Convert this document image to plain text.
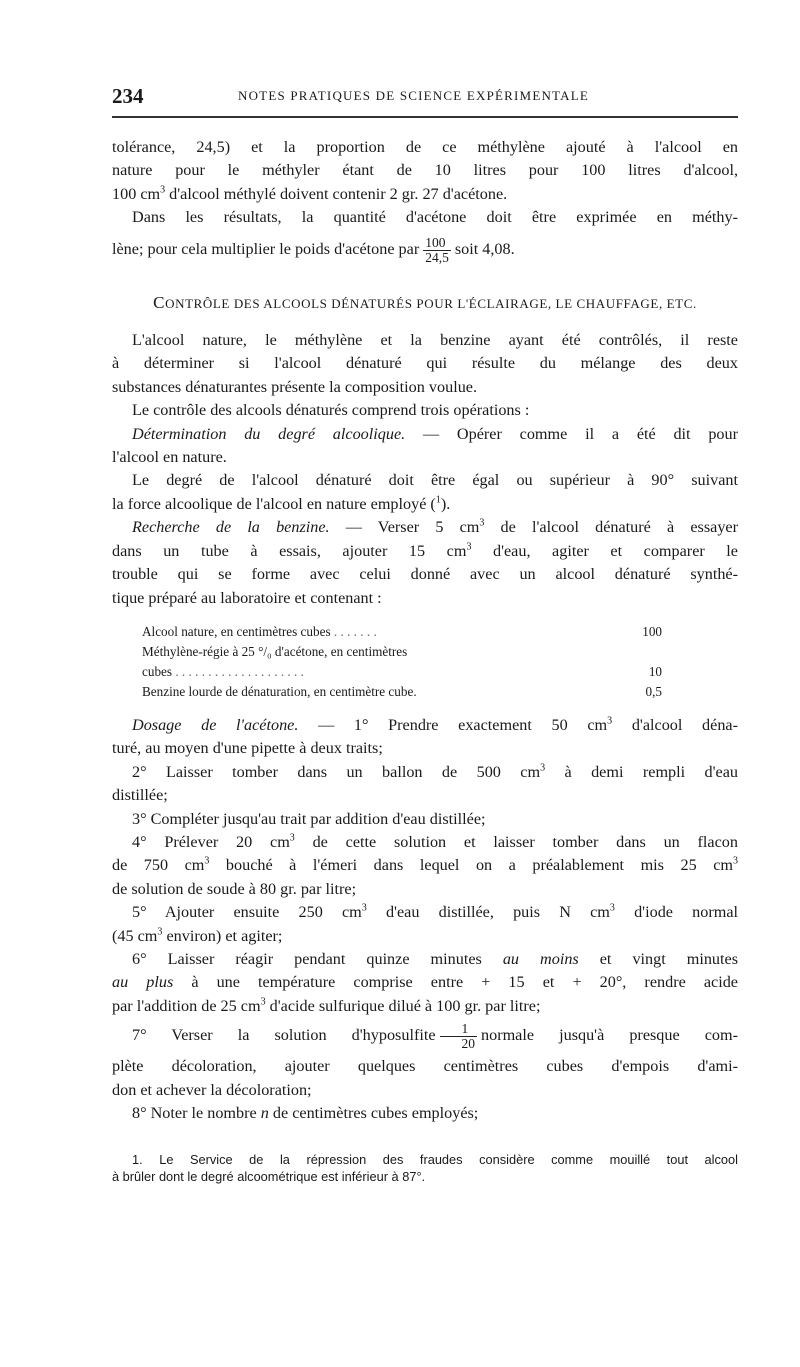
234	NOTES PRATIQUES DE SCIENCE EXPÉRIMENTALE

tolérance, 24,5) et la proportion de ce méthylène ajouté à l'alcool en
nature pour le méthyler étant de 10 litres pour 100 litres d'alcool,
100 $cm^3$ d'alcool méthylé doivent contenir 2 gr. 27 d'acétone.

Dans les résultats, la quantité d'acétone doit être exprimée en méthy-
lène; pour cela multiplier le poids d'acétone par $\frac{100}{24,5}$ soit 4,08.

CONTRÔLE DES ALCOOLS DÉNATURÉS POUR L'ÉCLAIRAGE, LE CHAUFFAGE, ETC.

L'alcool nature, le méthylène et la benzine ayant été contrôlés, il reste
à déterminer si l'alcool dénaturé qui résulte du mélange des deux
substances dénaturantes présente la composition voulue.

Le contrôle des alcools dénaturés comprend trois opérations :

Détermination du degré alcoolique. — Opérer comme il a été dit pour
l'alcool en nature.

Le degré de l'alcool dénaturé doit être égal ou supérieur à 90° suivant
la force alcoolique de l'alcool en nature employé ($^1$).

Recherche de la benzine. — Verser 5 $cm^3$ de l'alcool dénaturé à essayer
dans un tube à essais, ajouter 15 $cm^3$ d'eau, agiter et comparer le
trouble qui se forme avec celui donné avec un alcool dénaturé synthé-
tique préparé au laboratoire et contenant :

Alcool nature, en centimètres cubes . . . . . . .	100
Méthylène-régie à 25 °/₀ d'acétone, en centimètres
cubes . . . . . . . . . . . . . . . . . . . .	10
Benzine lourde de dénaturation, en centimètre cube.	0,5

Dosage de l'acétone. — 1° Prendre exactement 50 $cm^3$ d'alcool déna-
turé, au moyen d'une pipette à deux traits;

2° Laisser tomber dans un ballon de 500 $cm^3$ à demi rempli d'eau
distillée;

3° Compléter jusqu'au trait par addition d'eau distillée;

4° Prélever 20 $cm^3$ de cette solution et laisser tomber dans un flacon
de 750 $cm^3$ bouché à l'émeri dans lequel on a préalablement mis 25 $cm^3$
de solution de soude à 80 gr. par litre;

5° Ajouter ensuite 250 $cm^3$ d'eau distillée, puis N $cm^3$ d'iode normal
(45 $cm^3$ environ) et agiter;

6° Laisser réagir pendant quinze minutes au moins et vingt minutes
au plus à une température comprise entre + 15 et + 20°, rendre acide
par l'addition de 25 $cm^3$ d'acide sulfurique dilué à 100 gr. par litre;

7° Verser la solution d'hyposulfite $\frac{1}{20}$ normale jusqu'à presque com-
plète décoloration, ajouter quelques centimètres cubes d'empois d'ami-
don et achever la décoloration;

8° Noter le nombre n de centimètres cubes employés;

1. Le Service de la répression des fraudes considère comme mouillé tout alcool
à brûler dont le degré alcoométrique est inférieur à 87°.
